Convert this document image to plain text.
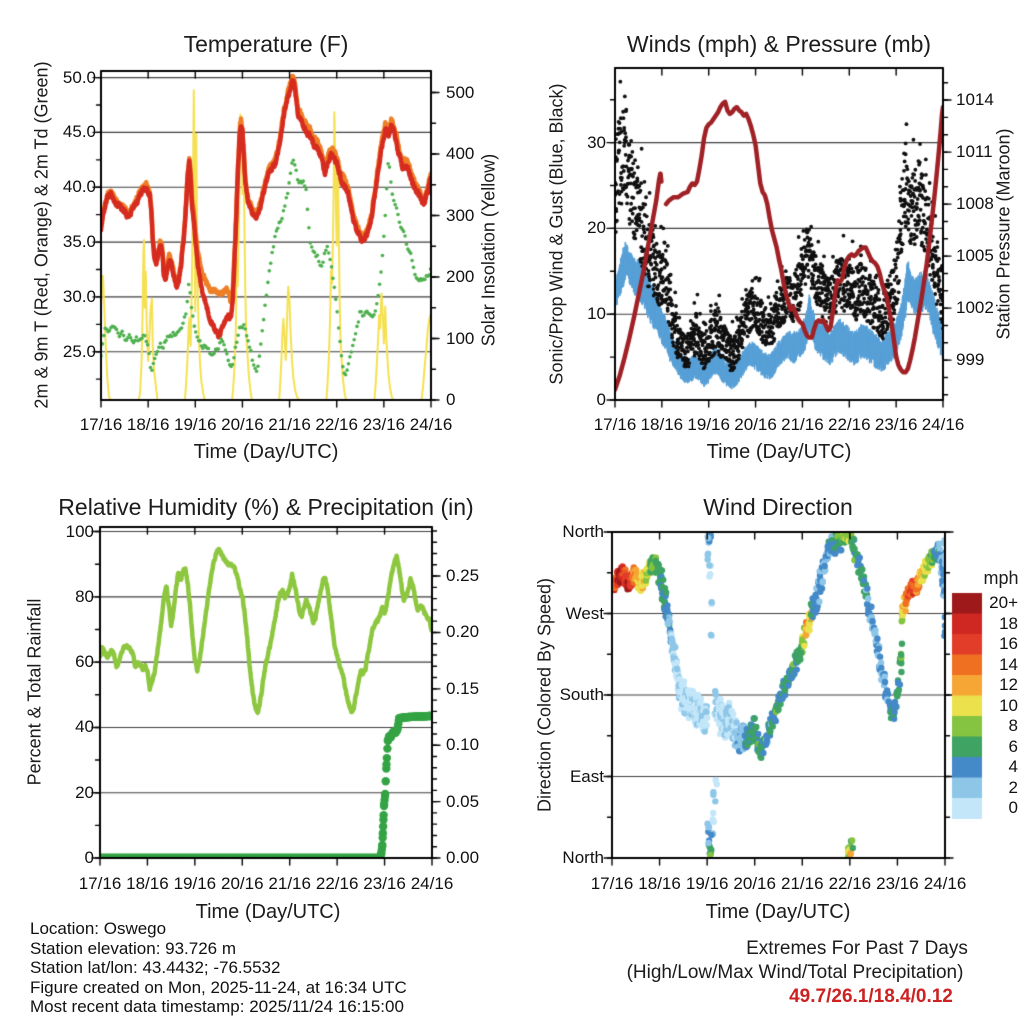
Temperature (F)	Winds (mph) & Pressure (mb)
Relative Humidity (%) & Precipitation (in)	Wind Direction
Time (Day/UTC)	Time (Day/UTC)
Time (Day/UTC)	Time (Day/UTC)
2m & 9m T (Red, Orange) & 2m Td (Green)	Solar Insolation (Yellow)	Sonic/Prop Wind & Gust (Blue, Black)	Station Pressure (Maroon)
Percent & Total Rainfall	Direction (Colored By Speed)	mph
Location: Oswego
Station elevation: 93.726 m
Station lat/lon: 43.4432; -76.5532
Figure created on Mon, 2025-11-24, at 16:34 UTC
Most recent data timestamp: 2025/11/24 16:15:00
Extremes For Past 7 Days
(High/Low/Max Wind/Total Precipitation)
49.7/26.1/18.4/0.12
20+
18
16
14
12
10
8
6
4
2
0
25.0
30.0
35.0
40.0
45.0
50.0
0
100
200
300
400
500
17/16 18/16 19/16 20/16 21/16 22/16 23/16 24/16
0
10
20
30
999
1002
1005
1008
1011
1014
17/16 18/16 19/16 20/16 21/16 22/16 23/16 24/16
0
20
40
60
80
100
0.00
0.05
0.10
0.15
0.20
0.25
17/16 18/16 19/16 20/16 21/16 22/16 23/16 24/16
North
West
South
East
North
17/16 18/16 19/16 20/16 21/16 22/16 23/16 24/16
